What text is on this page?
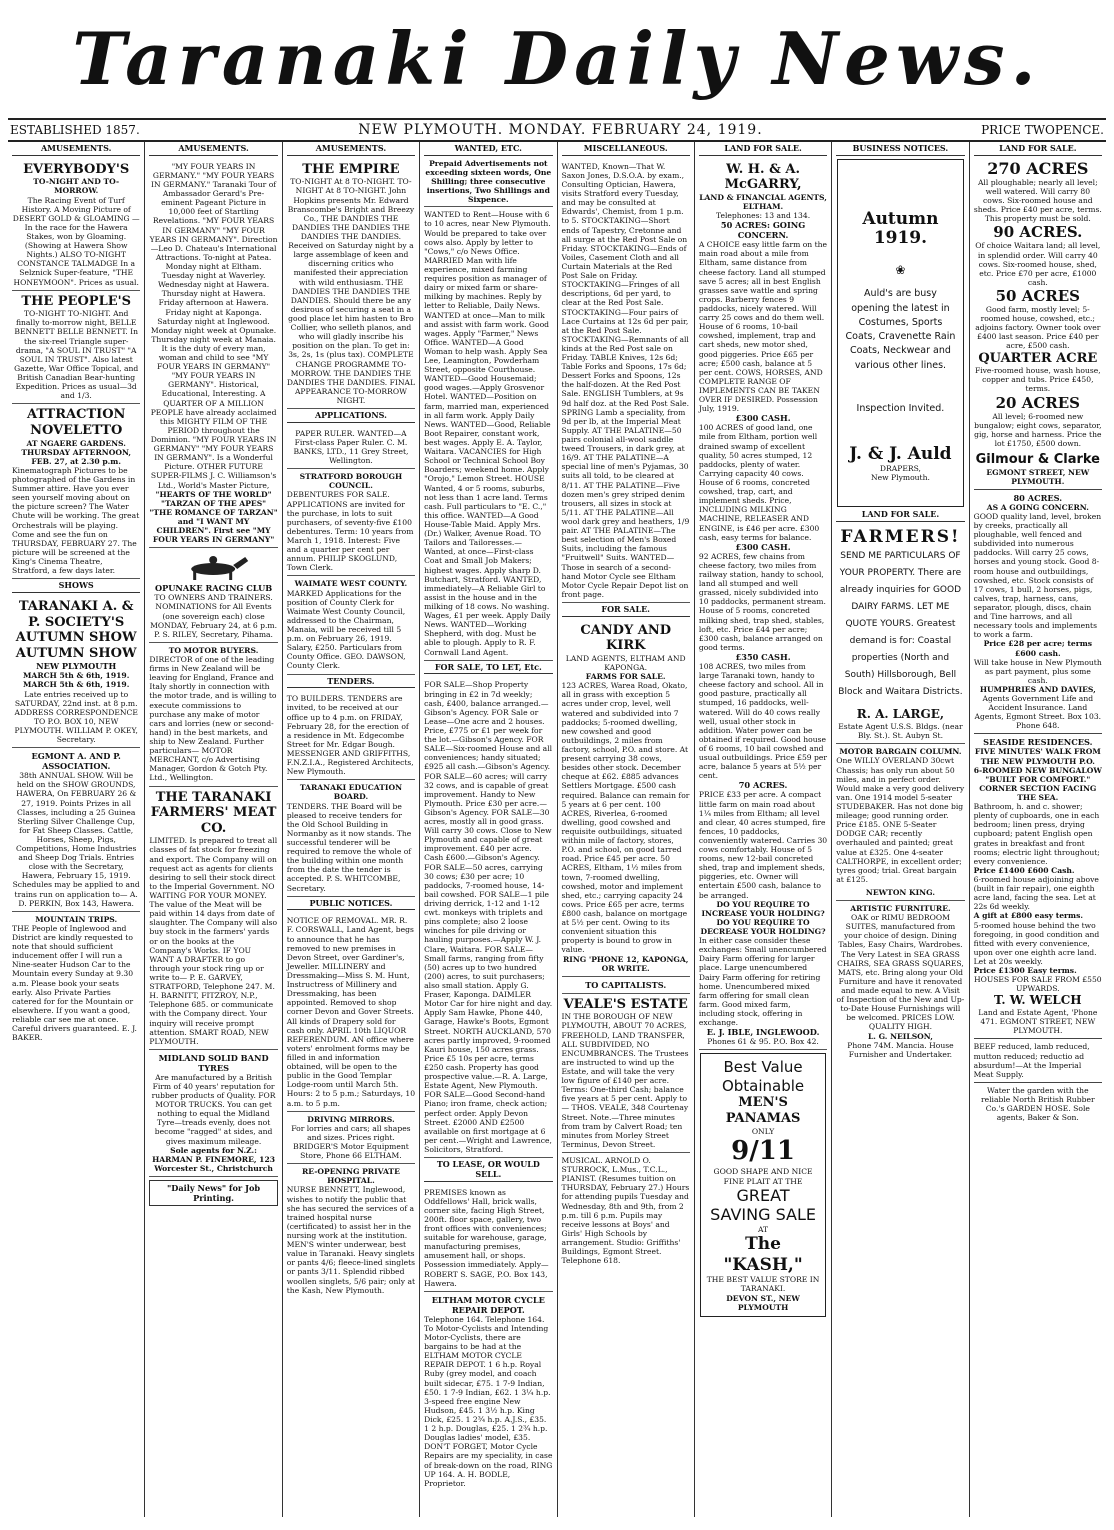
Taranaki Daily News.
ESTABLISHED 1857.	NEW PLYMOUTH. MONDAY. FEBRUARY 24, 1919.	PRICE TWOPENCE.
AMUSEMENTS.
EVERYBODY'S
TO-NIGHT AND TO-MORROW.
The Racing Event of Turf History. A Moving Picture of DESERT GOLD & GLOAMING — In the race for the Hawera Stakes, won by Gloaming. (Showing at Hawera Show Nights.) ALSO TO-NIGHT CONSTANCE TALMADGE In a Selznick Super-feature, "THE HONEYMOON". Prices as usual.
THE PEOPLE'S
TO-NIGHT TO-NIGHT. And finally to-morrow night, BELLE BENNETT BELLE BENNETT. In the six-reel Triangle super-drama, "A SOUL IN TRUST" "A SOUL IN TRUST". Also latest Gazette, War Office Topical, and British Canadian Bear-hunting Expedition. Prices as usual—3d and 1/3.
ATTRACTION NOVELETTO
AT NGAERE GARDENS.
THURSDAY AFTERNOON, FEB. 27, at 2.30 p.m.
Kinematograph Pictures to be photographed of the Gardens in Summer attire. Have you ever seen yourself moving about on the picture screen? The Water Chute will be working. The great Orchestrals will be playing. Come and see the fun on THURSDAY, FEBRUARY 27. The picture will be screened at the King's Cinema Theatre, Stratford, a few days later.
SHOWS
TARANAKI A. & P. SOCIETY'S
AUTUMN SHOW
AUTUMN SHOW
NEW PLYMOUTH
MARCH 5th & 6th, 1919. MARCH 5th & 6th, 1919.
Late entries received up to SATURDAY, 22nd inst. at 8 p.m. ADDRESS CORRESPONDENCE TO P.O. BOX 10, NEW PLYMOUTH. WILLIAM P. OKEY, Secretary.
EGMONT A. AND P. ASSOCIATION.
38th ANNUAL SHOW. Will be held on the SHOW GROUNDS, HAWERA, On FEBRUARY 26 & 27, 1919. Points Prizes in all Classes, including a 25 Guinea Sterling Silver Challenge Cup, for Fat Sheep Classes. Cattle, Horses, Sheep, Pigs, Competitions, Home Industries and Sheep Dog Trials. Entries close with the Secretary, Hawera, February 15, 1919. Schedules may be applied to and trains run on application to— A. D. PERKIN, Box 143, Hawera.
MOUNTAIN TRIPS.
THE People of Inglewood and District are kindly requested to note that should sufficient inducement offer I will run a Nine-seater Hudson Car to the Mountain every Sunday at 9.30 a.m. Please book your seats early. Also Private Parties catered for for the Mountain or elsewhere. If you want a good, reliable car see me at once. Careful drivers guaranteed. E. J. BAKER.
AMUSEMENTS.
"MY FOUR YEARS IN GERMANY." "MY FOUR YEARS IN GERMANY." Taranaki Tour of Ambassador Gerard's Pre-eminent Pageant Picture in 10,000 feet of Startling Revelations. "MY FOUR YEARS IN GERMANY" "MY FOUR YEARS IN GERMANY". Direction—Leo D. Chateau's International Attractions. To-night at Patea. Monday night at Eltham. Tuesday night at Waverley. Wednesday night at Hawera. Thursday night at Hawera. Friday afternoon at Hawera. Friday night at Kaponga. Saturday night at Inglewood. Monday night week at Opunake. Thursday night week at Manaia. It is the duty of every man, woman and child to see "MY FOUR YEARS IN GERMANY" "MY FOUR YEARS IN GERMANY". Historical, Educational, Interesting. A QUARTER OF A MILLION PEOPLE have already acclaimed this MIGHTY FILM OF THE PERIOD throughout the Dominion. "MY FOUR YEARS IN GERMANY" "MY FOUR YEARS IN GERMANY". Is a Wonderful Picture. OTHER FUTURE SUPER-FILMS J. C. Williamson's Ltd., World's Master Picture,
"HEARTS OF THE WORLD" "TARZAN OF THE APES" "THE ROMANCE OF TARZAN" and "I WANT MY CHILDREN". First see "MY FOUR YEARS IN GERMANY"
OPUNAKE RACING CLUB
TO OWNERS AND TRAINERS. NOMINATIONS for All Events (one sovereign each) close MONDAY, February 24, at 6 p.m. P. S. RILEY, Secretary, Pihama.
TO MOTOR BUYERS.
DIRECTOR of one of the leading firms in New Zealand will be leaving for England, France and Italy shortly in connection with the motor trade, and is willing to execute commissions to purchase any make of motor cars and lorries (new or second-hand) in the best markets, and ship to New Zealand. Further particulars— MOTOR MERCHANT, c/o Advertising Manager, Gordon & Gotch Pty. Ltd., Wellington.
THE TARANAKI FARMERS' MEAT CO.
LIMITED. Is prepared to treat all classes of fat stock for freezing and export. The Company will on request act as agents for clients desiring to sell their stock direct to the Imperial Government. NO WAITING FOR YOUR MONEY. The value of the Meat will be paid within 14 days from date of slaughter. The Company will also buy stock in the farmers' yards or on the books at the Company's Works. IF YOU WANT A DRAFTER to go through your stock ring up or write to— P. E. GARVEY, STRATFORD, Telephone 247. M. H. BARNITT, FITZROY, N.P., Telephone 685. or communicate with the Company direct. Your inquiry will receive prompt attention. SMART ROAD, NEW PLYMOUTH.
MIDLAND SOLID BAND TYRES
Are manufactured by a British Firm of 40 years' reputation for rubber products of Quality. FOR MOTOR TRUCKS. You can get nothing to equal the Midland Tyre—treads evenly, does not become "ragged" at sides, and gives maximum mileage.
Sole agents for N.Z.: HARMAN P. FINEMORE, 123 Worcester St., Christchurch
"Daily News" for Job Printing.
AMUSEMENTS.
THE EMPIRE
TO-NIGHT At 8 TO-NIGHT. TO-NIGHT At 8 TO-NIGHT. John Hopkins presents Mr. Edward Branscombe's Bright and Breezy Co., THE DANDIES THE DANDIES THE DANDIES THE DANDIES THE DANDIES. Received on Saturday night by a large assemblage of keen and discerning critics who manifested their appreciation with wild enthusiasm. THE DANDIES THE DANDIES THE DANDIES. Should there be any desirous of securing a seat in a good place let him hasten to Bro Collier, who selleth planos, and who will gladly inscribe his position on the plan. To get in: 3s, 2s, 1s (plus tax). COMPLETE CHANGE PROGRAMME TO-MORROW. THE DANDIES THE DANDIES THE DANDIES. FINAL APPEARANCE TO-MORROW NIGHT.
APPLICATIONS.
PAPER RULER. WANTED—A First-class Paper Ruler. C. M. BANKS, LTD., 11 Grey Street, Wellington.
STRATFORD BOROUGH COUNCIL.
DEBENTURES FOR SALE. APPLICATIONS are invited for the purchase, in lots to suit purchasers, of seventy-five £100 debentures. Term: 10 years from March 1, 1918. Interest: Five and a quarter per cent per annum. PHILIP SKOGLUND, Town Clerk.
WAIMATE WEST COUNTY.
MARKED Applications for the position of County Clerk for Waimate West County Council, addressed to the Chairman, Manaia, will be received till 5 p.m. on February 26, 1919. Salary, £250. Particulars from County Office. GEO. DAWSON, County Clerk.
TENDERS.
TO BUILDERS. TENDERS are invited, to be received at our office up to 4 p.m. on FRIDAY, February 28, for the erection of a residence in Mt. Edgecombe Street for Mr. Edgar Bough. MESSENGER AND GRIFFITHS, F.N.Z.I.A., Registered Architects, New Plymouth.
TARANAKI EDUCATION BOARD.
TENDERS. THE Board will be pleased to receive tenders for the Old School Building in Normanby as it now stands. The successful tenderer will be required to remove the whole of the building within one month from the date the tender is accepted. P. S. WHITCOMBE, Secretary.
PUBLIC NOTICES.
NOTICE OF REMOVAL. MR. R. F. CORSWALL, Land Agent, begs to announce that he has removed to new premises in Devon Street, over Gardiner's, Jeweller. MILLINERY and Dressmaking—Miss S. M. Hunt, Instructress of Millinery and Dressmaking, has been appointed. Removed to shop corner Devon and Gover Streets. All kinds of Drapery sold for cash only. APRIL 10th LIQUOR REFERENDUM. AN office where voters' enrolment forms may be filled in and information obtained, will be open to the public in the Good Templar Lodge-room until March 5th. Hours: 2 to 5 p.m.; Saturdays, 10 a.m. to 5 p.m.
DRIVING MIRRORS.
For lorries and cars; all shapes and sizes. Prices right. BRIDGER'S Motor Equipment Store, Phone 66 ELTHAM.
RE-OPENING PRIVATE HOSPITAL.
NURSE BENNETT, Inglewood, wishes to notify the public that she has secured the services of a trained hospital nurse (certificated) to assist her in the nursing work at the institution. MEN'S winter underwear, best value in Taranaki. Heavy singlets or pants 4/6; fleece-lined singlets or pants 3/11. Splendid ribbed woollen singlets, 5/6 pair; only at the Kash, New Plymouth.
WANTED, ETC.
Prepaid Advertisements not exceeding sixteen words, One Shilling; three consecutive insertions, Two Shillings and Sixpence.
WANTED to Rent—House with 6 to 10 acres, near New Plymouth. Would be prepared to take over cows also. Apply by letter to "Cows," c/o News Office. MARRIED Man with life experience, mixed farming requires position as manager of dairy or mixed farm or share-milking by machines. Reply by letter to Reliable, Daily News. WANTED at once—Man to milk and assist with farm work. Good wages. Apply "Farmer," News Office. WANTED—A Good Woman to help wash. Apply Sea Lee, Leamington, Powderham Street, opposite Courthouse. WANTED—Good Housemaid; good wages.—Apply Grosvenor Hotel. WANTED—Position on farm, married man, experienced in all farm work. Apply Daily News. WANTED—Good, Reliable Boot Repairer, constant work, best wages. Apply E. A. Taylor, Waitara. VACANCIES for High School or Technical School Boy Boarders; weekend home. Apply "Orojo," Lemon Street. HOUSE Wanted, 4 or 5 rooms, suburbs, not less than 1 acre land. Terms cash. Full particulars to "E. C.," this office. WANTED—A Good House-Table Maid. Apply Mrs. (Dr.) Walker, Avenue Road. TO Tailors and Tailoresses.—Wanted, at once—First-class Coat and Small Job Makers; highest wages. Apply sharp D. Butchart, Stratford. WANTED, immediately—A Reliable Girl to assist in the house and in the milking of 18 cows. No washing. Wages, £1 per week. Apply Daily News. WANTED—Working Shepherd, with dog. Must be able to plough. Apply to R. F. Cornwall Land Agent.
FOR SALE, TO LET, Etc.
FOR SALE—Shop Property bringing in £2 in 7d weekly; cash, £400, balance arranged.—Gibson's Agency. FOR Sale or Lease—One acre and 2 houses. Price, £775 or £1 per week for the lot.—Gibson's Agency. FOR SALE—Six-roomed House and all conveniences; handy situated; £925 all cash.—Gibson's Agency. FOR SALE—60 acres; will carry 32 cows, and is capable of great improvement. Handy to New Plymouth. Price £30 per acre.—Gibson's Agency. FOR SALE—30 acres, mostly all in good grass. Will carry 30 cows. Close to New Plymouth and capable of great improvement. £40 per acre. Cash £600.—Gibson's Agency. FOR SALE—50 acres, carrying 30 cows; £30 per acre; 10 paddocks, 7-roomed house, 14-bail cowshed. FOR SALE—1 pile driving derrick, 1-12 and 1-12 cwt. monkeys with triplets and pins complete; also 2 loose winches for pile driving or hauling purposes.—Apply W. J. Clare, Waitara. FOR SALE—Small farms, ranging from fifty (50) acres up to two hundred (200) acres, to suit purchasers; also small station. Apply G. Fraser, Kaponga. DAIMLER Motor Car for hire night and day. Apply Sam Hawke, Phone 440, Garage, Hawke's Boots, Egmont Street. NORTH AUCKLAND, 570 acres partly improved, 9-roomed Kauri house, 150 acres grass. Price £5 10s per acre, terms £250 cash. Property has good prospective value.—R. A. Large, Estate Agent, New Plymouth. FOR SALE—Good Second-hand Piano; iron frame, check action; perfect order. Apply Devon Street. £2000 AND £2500 available on first mortgage at 6 per cent.—Wright and Lawrence, Solicitors, Stratford.
TO LEASE, OR WOULD SELL.
PREMISES known as Oddfellows' Hall, brick walls, corner site, facing High Street, 200ft. floor space, gallery, two front offices with conveniences; suitable for warehouse, garage, manufacturing premises, amusement hall, or shops. Possession immediately. Apply— ROBERT S. SAGE, P.O. Box 143, Hawera.
ELTHAM MOTOR CYCLE REPAIR DEPOT.
Telephone 164. Telephone 164. To Motor-Cyclists and Intending Motor-Cyclists, there are bargains to be had at the ELTHAM MOTOR CYCLE REPAIR DEPOT. 1 6 h.p. Royal Ruby (grey model, and coach built sidecar, £75. 1 7-9 Indian, £50. 1 7-9 Indian, £62. 1 3¼ h.p. 3-speed free engine New Hudson, £45. 1 3½ h.p. King Dick, £25. 1 2¾ h.p. A.J.S., £35. 1 2 h.p. Douglas, £25. 1 2¾ h.p. Douglas ladies' model, £35. DON'T FORGET, Motor Cycle Repairs are my speciality, in case of break-down on the road, RING UP 164. A. H. BODLE, Proprietor.
MISCELLANEOUS.
WANTED, Known—That W. Saxon Jones, D.S.O.A. by exam., Consulting Optician, Hawera, visits Stratford every Tuesday, and may be consulted at Edwards', Chemist, from 1 p.m. to 5. STOCKTAKING—Short ends of Tapestry, Cretonne and all surge at the Red Post Sale on Friday. STOCKTAKING—Ends of Voiles, Casement Cloth and all Curtain Materials at the Red Post Sale on Friday. STOCKTAKING—Fringes of all descriptions, 6d per yard, to clear at the Red Post Sale. STOCKTAKING—Four pairs of Lace Curtains at 12s 6d per pair, at the Red Post Sale. STOCKTAKING—Remnants of all kinds at the Red Post sale on Friday. TABLE Knives, 12s 6d; Table Forks and Spoons, 17s 6d; Dessert Forks and Spoons, 12s the half-dozen. At the Red Post Sale. ENGLISH Tumblers, at 9s 9d half doz. at the Red Post Sale. SPRING Lamb a speciality, from 9d per lb, at the Imperial Meat Supply. AT THE PALATINE—50 pairs colonial all-wool saddle tweed Trousers, in dark grey, at 16/9. AT THE PALATINE—A special line of men's Pyjamas, 30 suits all told, to be cleared at 8/11. AT THE PALATINE—Five dozen men's grey striped denim trousers, all sizes in stock at 5/11. AT THE PALATINE—All wool dark grey and heathers, 1/9 pair. AT THE PALATINE—The best selection of Men's Boxed Suits, including the famous "Fruitwell" Suits. WANTED—Those in search of a second-hand Motor Cycle see Eltham Motor Cycle Repair Depot list on front page.
FOR SALE.
CANDY AND KIRK
LAND AGENTS, ELTHAM AND KAPONGA.
FARMS FOR SALE.
123 ACRES, Warea Road, Okato, all in grass with exception 5 acres under crop, level, well watered and subdivided into 7 paddocks; 5-roomed dwelling, new cowshed and good outbuildings, 2 miles from factory, school, P.O. and store. At present carrying 38 cows, besides other stock. December cheque at £62. £885 advances Settlers Mortgage. £500 cash required. Balance can remain for 5 years at 6 per cent. 100 ACRES, Riverlea, 6-roomed dwelling, good cowshed and requisite outbuildings, situated within mile of factory, stores, P.O. and school, on good tarred road. Price £45 per acre. 50 ACRES, Eltham, 1½ miles from town, 7-roomed dwelling, cowshed, motor and implement shed, etc.; carrying capacity 24 cows. Price £65 per acre, terms £800 cash, balance on mortgage at 5½ per cent. Owing to its convenient situation this property is bound to grow in value.
RING 'PHONE 12, KAPONGA, OR WRITE.
TO CAPITALISTS.
VEALE'S ESTATE
IN THE BOROUGH OF NEW PLYMOUTH, ABOUT 70 ACRES, FREEHOLD, LAND TRANSFER, ALL SUBDIVIDED, NO ENCUMBRANCES. The Trustees are instructed to wind up the Estate, and will take the very low figure of £140 per acre. Terms: One-third Cash; balance five years at 5 per cent. Apply to— THOS. VEALE, 348 Courtenay Street. Note.—Three minutes from tram by Calvert Road; ten minutes from Morley Street Terminus, Devon Street.
MUSICAL. ARNOLD O. STURROCK, L.Mus., T.C.L., PIANIST. (Resumes tuition on THURSDAY, February 27.) Hours for attending pupils Tuesday and Wednesday, 8th and 9th, from 2 p.m. till 6 p.m. Pupils may receive lessons at Boys' and Girls' High Schools by arrangement. Studio: Griffiths' Buildings, Egmont Street. Telephone 618.
LAND FOR SALE.
W. H. & A. McGARRY,
LAND & FINANCIAL AGENTS, ELTHAM.
Telephones: 13 and 134.
50 ACRES: GOING CONCERN.
A CHOICE easy little farm on the main road about a mile from Eltham, same distance from cheese factory. Land all stumped save 5 acres; all in best English grasses save wattle and spring crops. Barberry fences 9 paddocks, nicely watered. Will carry 25 cows and do them well. House of 6 rooms, 10-bail cowshed, implement, trap and cart sheds, new motor shed, good piggeries. Price £65 per acre; £500 cash, balance at 5 per cent. COWS, HORSES, AND COMPLETE RANGE OF IMPLEMENTS CAN BE TAKEN OVER IF DESIRED. Possession July, 1919.
£300 CASH.
100 ACRES of good land, one mile from Eltham, portion well drained swamp of excellent quality, 50 acres stumped, 12 paddocks, plenty of water. Carrying capacity 40 cows. House of 6 rooms, concreted cowshed, trap, cart, and implement sheds. Price, INCLUDING MILKING MACHINE, RELEASER AND ENGINE, is £46 per acre. £300 cash, easy terms for balance.
£300 CASH.
92 ACRES, few chains from cheese factory, two miles from railway station, handy to school, land all stumped and well grassed, nicely subdivided into 10 paddocks, permanent stream. House of 5 rooms, concreted milking shed, trap shed, stables, loft, etc. Price £44 per acre; £300 cash, balance arranged on good terms.
£350 CASH.
108 ACRES, two miles from large Taranaki town, handy to cheese factory and school. All in good pasture, practically all stumped, 16 paddocks, well-watered. Will do 40 cows really well, usual other stock in addition. Water power can be obtained if required. Good house of 6 rooms, 10 bail cowshed and usual outbuildings. Price £59 per acre, balance 5 years at 5½ per cent.
70 ACRES.
PRICE £33 per acre. A compact little farm on main road about 1¼ miles from Eltham; all level and clear, 40 acres stumped, fire fences, 10 paddocks, conveniently watered. Carries 30 cows comfortably. House of 5 rooms, new 12-bail concreted shed, trap and implement sheds, piggeries, etc. Owner will entertain £500 cash, balance to be arranged.
DO YOU REQUIRE TO INCREASE YOUR HOLDING?
DO YOU REQUIRE TO DECREASE YOUR HOLDING?
In either case consider these exchanges: Small unencumbered Dairy Farm offering for larger place. Large unencumbered Dairy Farm offering for retiring home. Unencumbered mixed farm offering for small clean farm. Good mixed farm, including stock, offering in exchange.
E. J. IBLE, INGLEWOOD.
Phones 61 & 95. P.O. Box 42.
Best Value Obtainable
MEN'S PANAMAS
ONLY
9/11
GOOD SHAPE AND NICE FINE PLAIT AT THE
GREAT SAVING SALE
AT
The "KASH,"
THE BEST VALUE STORE IN TARANAKI.
DEVON ST., NEW PLYMOUTH
BUSINESS NOTICES.
Autumn 1919.
❀
Auld's are busy opening the latest in Costumes, Sports Coats, Cravenette Rain Coats, Neckwear and various other lines.
Inspection Invited.
J. & J. Auld
DRAPERS,
New Plymouth.
LAND FOR SALE.
FARMERS!
SEND ME PARTICULARS OF YOUR PROPERTY. There are already inquiries for GOOD DAIRY FARMS. LET ME QUOTE YOURS. Greatest demand is for: Coastal properties (North and South) Hillsborough, Bell Block and Waitara Districts.
R. A. LARGE,
Estate Agent U.S.S. Bldgs. (near Bly. St.). St. Aubyn St.
MOTOR BARGAIN COLUMN.
One WILLY OVERLAND 30cwt Chassis; has only run about 50 miles, and in perfect order. Would make a very good delivery van. One 1914 model 5-seater STUDEBAKER. Has not done big mileage; good running order. Price £185. ONE 5-Seater DODGE CAR; recently overhauled and painted; great value at £325. One 4-seater CALTHORPE, in excellent order; tyres good; trial. Great bargain at £125.
NEWTON KING.
ARTISTIC FURNITURE.
OAK or RIMU BEDROOM SUITES, manufactured from your choice of design. Dining Tables, Easy Chairs, Wardrobes. The Very Latest in SEA GRASS CHAIRS, SEA GRASS SQUARES, MATS, etc. Bring along your Old Furniture and have it renovated and made equal to new. A Visit of Inspection of the New and Up-to-Date House Furnishings will be welcomed. PRICES LOW. QUALITY HIGH.
L. G. NEILSON,
Phone 74M. Mancia. House Furnisher and Undertaker.
LAND FOR SALE.
270 ACRES
All ploughable; nearly all level; well watered. Will carry 80 cows. Six-roomed house and sheds. Price £40 per acre, terms. This property must be sold.
90 ACRES.
Of choice Waitara land; all level, in splendid order. Will carry 40 cows. Six-roomed house, shed, etc. Price £70 per acre, £1000 cash.
50 ACRES
Good farm, mostly level; 5-roomed house, cowshed, etc.; adjoins factory. Owner took over £400 last season. Price £40 per acre, £500 cash.
QUARTER ACRE
Five-roomed house, wash house, copper and tubs. Price £450, terms.
20 ACRES
All level; 6-roomed new bungalow; eight cows, separator, gig, horse and harness. Price the lot £1750, £500 down.
Gilmour & Clarke
EGMONT STREET, NEW PLYMOUTH.
80 ACRES.
AS A GOING CONCERN.
GOOD quality land, level, broken by creeks, practically all ploughable, well fenced and subdivided into numerous paddocks. Will carry 25 cows, horses and young stock. Good 8-room house and outbuildings, cowshed, etc. Stock consists of 17 cows, 1 bull, 2 horses, pigs, calves, trap, harness, cans, separator, plough, discs, chain and Tine harrows, and all necessary tools and implements to work a farm.
Price £28 per acre; terms £600 cash.
Will take house in New Plymouth as part payment, plus some cash.
HUMPHRIES AND DAVIES,
Agents Government Life and Accident Insurance. Land Agents, Egmont Street. Box 103. Phone 648.
SEASIDE RESIDENCES.
FIVE MINUTES' WALK FROM THE NEW PLYMOUTH P.O.
6-ROOMED NEW BUNGALOW "BUILT FOR COMFORT."
CORNER SECTION FACING THE SEA.
Bathroom, h. and c. shower; plenty of cupboards, one in each bedroom; linen press, drying cupboard; patent English open grates in breakfast and front rooms; electric light throughout; every convenience.
Price £1400 £600 Cash.
6-roomed house adjoining above (built in fair repair), one eighth acre land, facing the sea. Let at 22s 6d weekly.
A gift at £800 easy terms.
5-roomed house behind the two foregoing, in good condition and fitted with every convenience, upon over one eighth acre land. Let at 20s weekly.
Price £1300 Easy terms.
HOUSES FOR SALE FROM £550 UPWARDS.
T. W. WELCH
Land and Estate Agent, 'Phone 471. EGMONT STREET, NEW PLYMOUTH.
BEEF reduced, lamb reduced, mutton reduced; reductio ad absurdum!—At the Imperial Meat Supply.
Water the garden with the reliable North British Rubber Co.'s GARDEN HOSE. Sole agents, Baker & Son.
